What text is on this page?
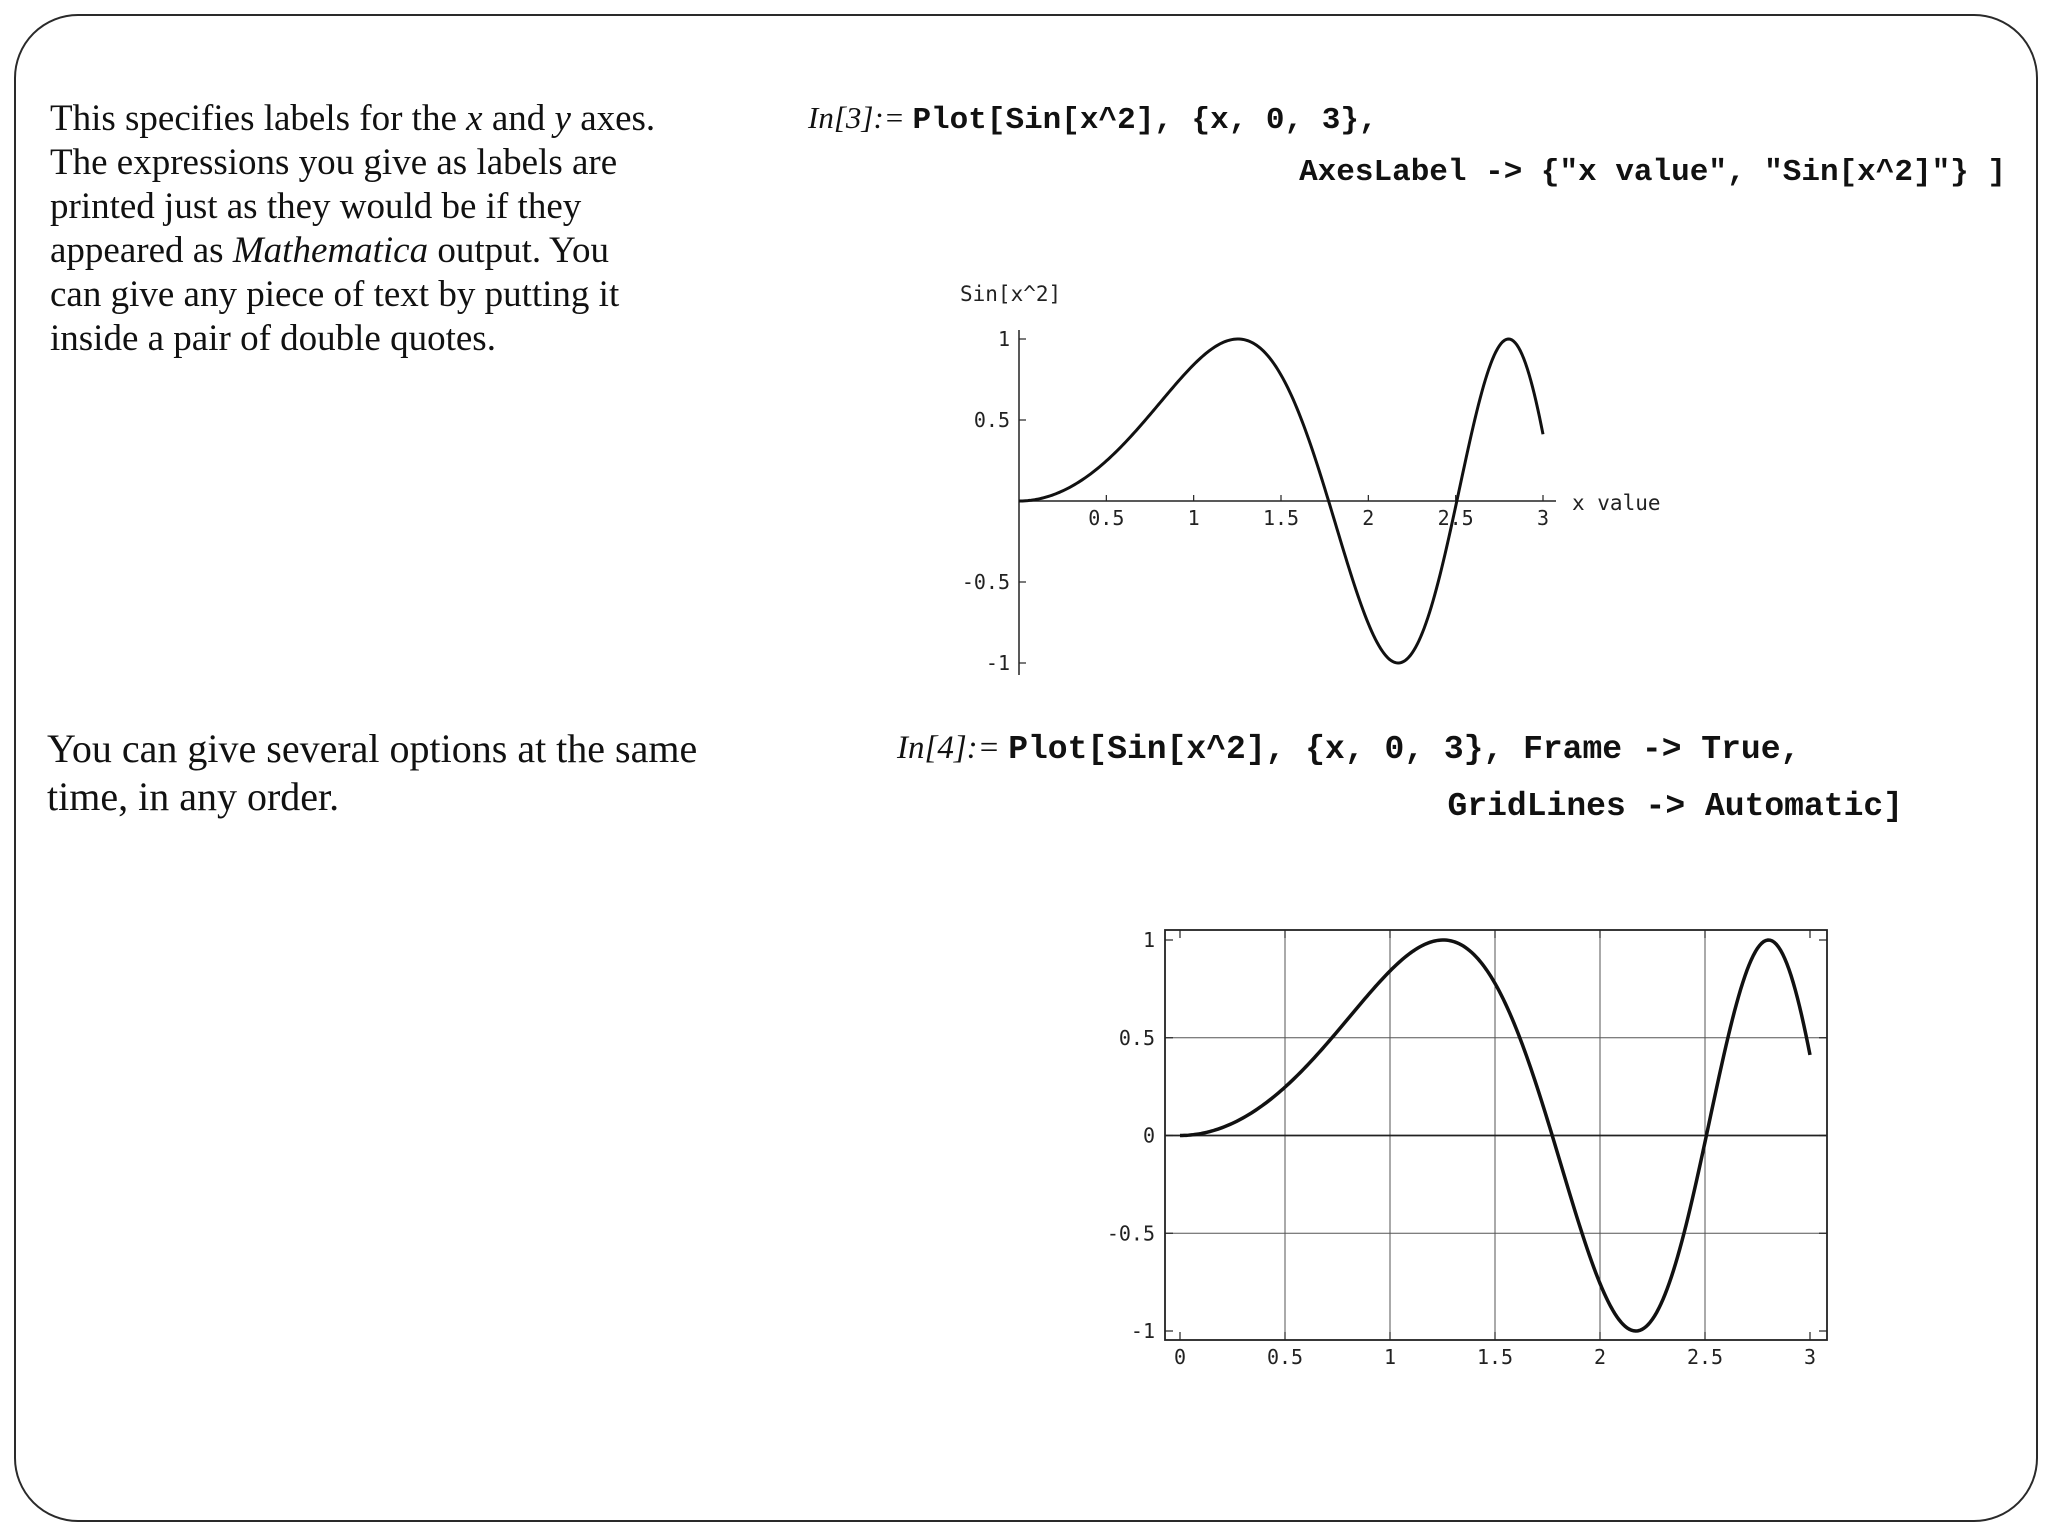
This specifies labels for the x and y axes.
The expressions you give as labels are
printed just as they would be if they
appeared as Mathematica output. You
can give any piece of text by putting it
inside a pair of double quotes.
In[3]:= Plot[Sin[x^2], {x, 0, 3},
AxesLabel -> {"x value", "Sin[x^2]"} ]
You can give several options at the same
time, in any order.
In[4]:= Plot[Sin[x^2], {x, 0, 3}, Frame -> True,
GridLines -> Automatic]
Sin[x^2]
x value
0.5	1	1.5	2	2.5	3
1
0.5
-0.5
-1
0	0.5	1	1.5	2	2.5	3
1
0.5
0
-0.5
-1
